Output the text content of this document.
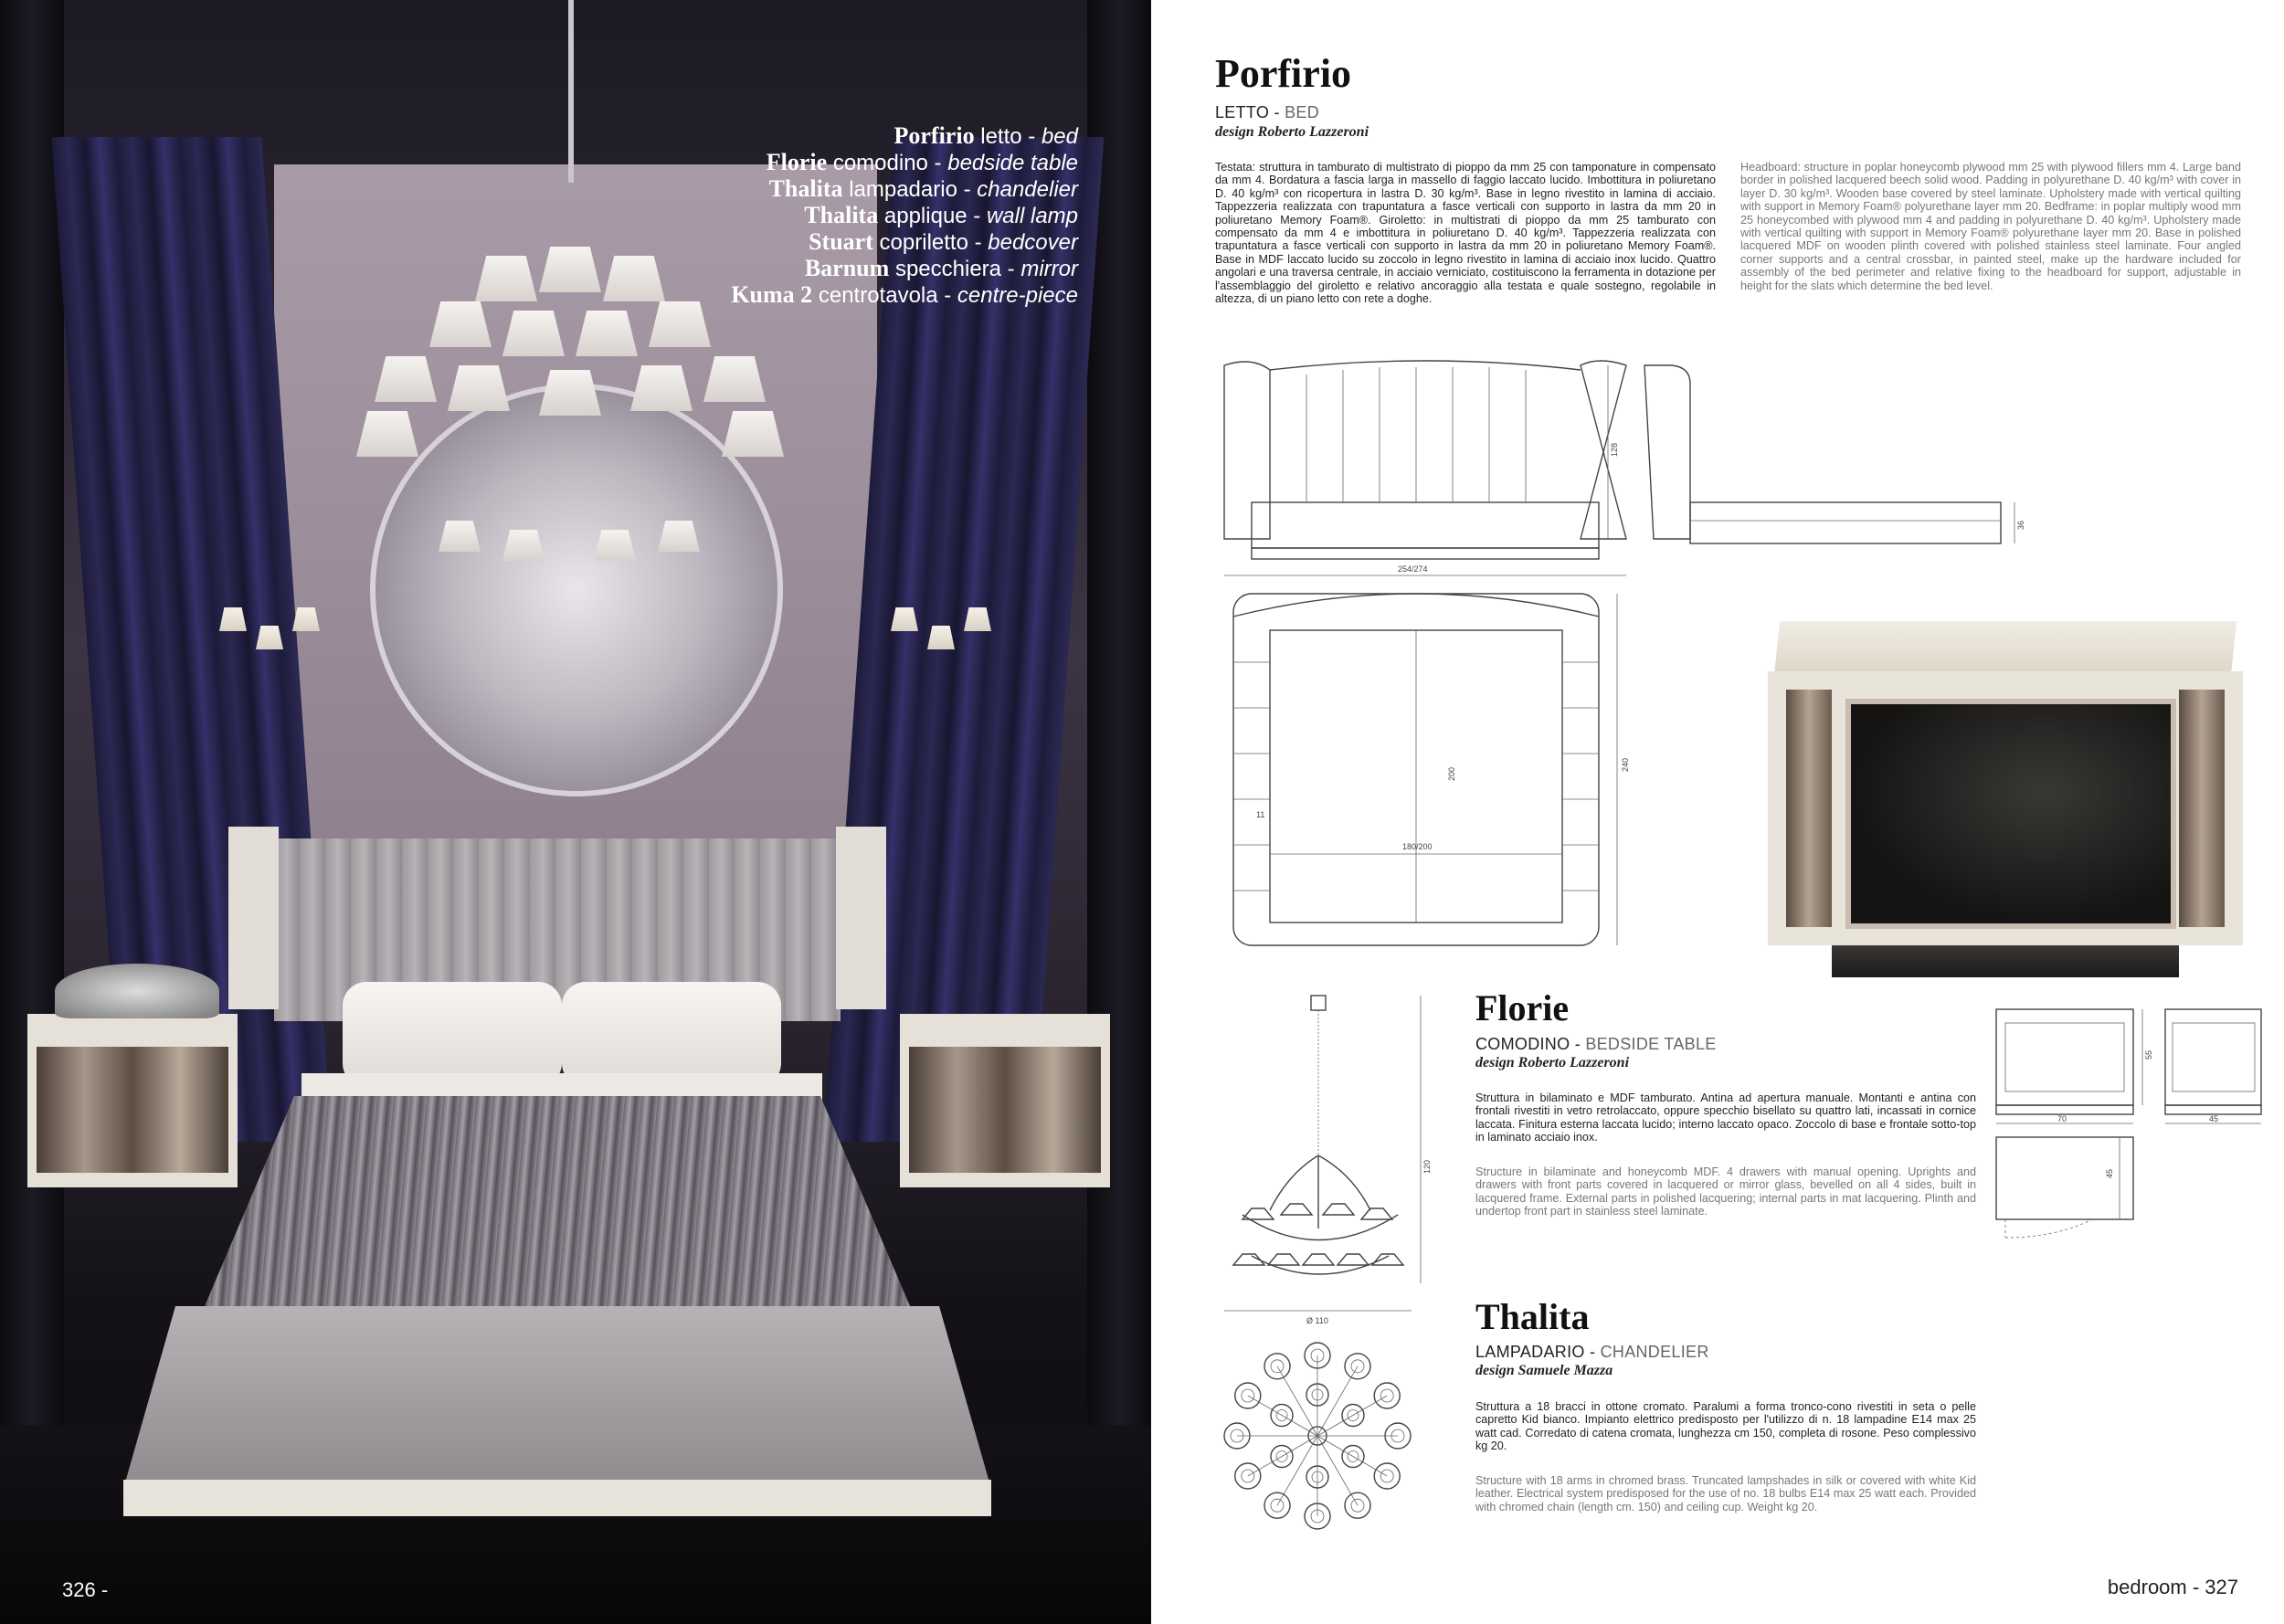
Porfirio letto - bed
Florie comodino - bedside table
Thalita lampadario - chandelier
Thalita applique - wall lamp
Stuart copriletto - bedcover
Barnum specchiera - mirror
Kuma 2 centrotavola - centre-piece
326 -
Porfirio
LETTO - BED
design Roberto Lazzeroni
Testata: struttura in tamburato di multistrato di pioppo da mm 25 con tamponature in compensato da mm 4. Bordatura a fascia larga in massello di faggio laccato lucido. Imbottitura in poliuretano D. 40 kg/m³ con ricopertura in lastra D. 30 kg/m³. Base in legno rivestito in lamina di acciaio. Tappezzeria realizzata con trapuntatura a fasce verticali con supporto in lastra da mm 20 in poliuretano Memory Foam®. Giroletto: in multistrati di pioppo da mm 25 tamburato con compensato da mm 4 e imbottitura in poliuretano D. 40 kg/m³. Tappezzeria realizzata con trapuntatura a fasce verticali con supporto in lastra da mm 20 in poliuretano Memory Foam®. Base in MDF laccato lucido su zoccolo in legno rivestito in lamina di acciaio inox lucido. Quattro angolari e una traversa centrale, in acciaio verniciato, costituiscono la ferramenta in dotazione per l'assemblaggio del giroletto e relativo ancoraggio alla testata e quale sostegno, regolabile in altezza, di un piano letto con rete a doghe.
Headboard: structure in poplar honeycomb plywood mm 25 with plywood fillers mm 4. Large band border in polished lacquered beech solid wood. Padding in polyurethane D. 40 kg/m³ with cover in layer D. 30 kg/m³. Wooden base covered by steel laminate. Upholstery made with vertical quilting with support in Memory Foam® polyurethane layer mm 20. Bedframe: in poplar multiply wood mm 25 honeycombed with plywood mm 4 and padding in polyurethane D. 40 kg/m³. Upholstery made with vertical quilting with support in Memory Foam® polyurethane layer mm 20. Base in polished lacquered MDF on wooden plinth covered with polished stainless steel laminate. Four angled corner supports and a central crossbar, in painted steel, make up the hardware included for assembly of the bed perimeter and relative fixing to the headboard for support, adjustable in height for the slats which determine the bed level.
254/274
128
36
180/200
200
11
240
Florie
COMODINO - BEDSIDE TABLE
design Roberto Lazzeroni
Struttura in bilaminato e MDF tamburato. Antina ad apertura manuale. Montanti e antina con frontali rivestiti in vetro retrolaccato, oppure specchio bisellato su quattro lati, incassati in cornice laccata. Finitura esterna laccata lucido; interno laccato opaco. Zoccolo di base e frontale sotto-top in laminato acciaio inox.
Structure in bilaminate and honeycomb MDF. 4 drawers with manual opening. Uprights and drawers with front parts covered in lacquered or mirror glass, bevelled on all 4 sides, built in lacquered frame. External parts in polished lacquering; internal parts in mat lacquering. Plinth and undertop front part in stainless steel laminate.
70
55
45
45
Ø 110
120
Thalita
LAMPADARIO - CHANDELIER
design Samuele Mazza
Struttura a 18 bracci in ottone cromato. Paralumi a forma tronco-cono rivestiti in seta o pelle capretto Kid bianco. Impianto elettrico predisposto per l'utilizzo di n. 18 lampadine E14 max 25 watt cad. Corredato di catena cromata, lunghezza cm 150, completa di rosone. Peso complessivo kg 20.
Structure with 18 arms in chromed brass. Truncated lampshades in silk or covered with white Kid leather. Electrical system predisposed for the use of no. 18 bulbs E14 max 25 watt each. Provided with chromed chain (length cm. 150) and ceiling cup. Weight kg 20.
bedroom - 327
